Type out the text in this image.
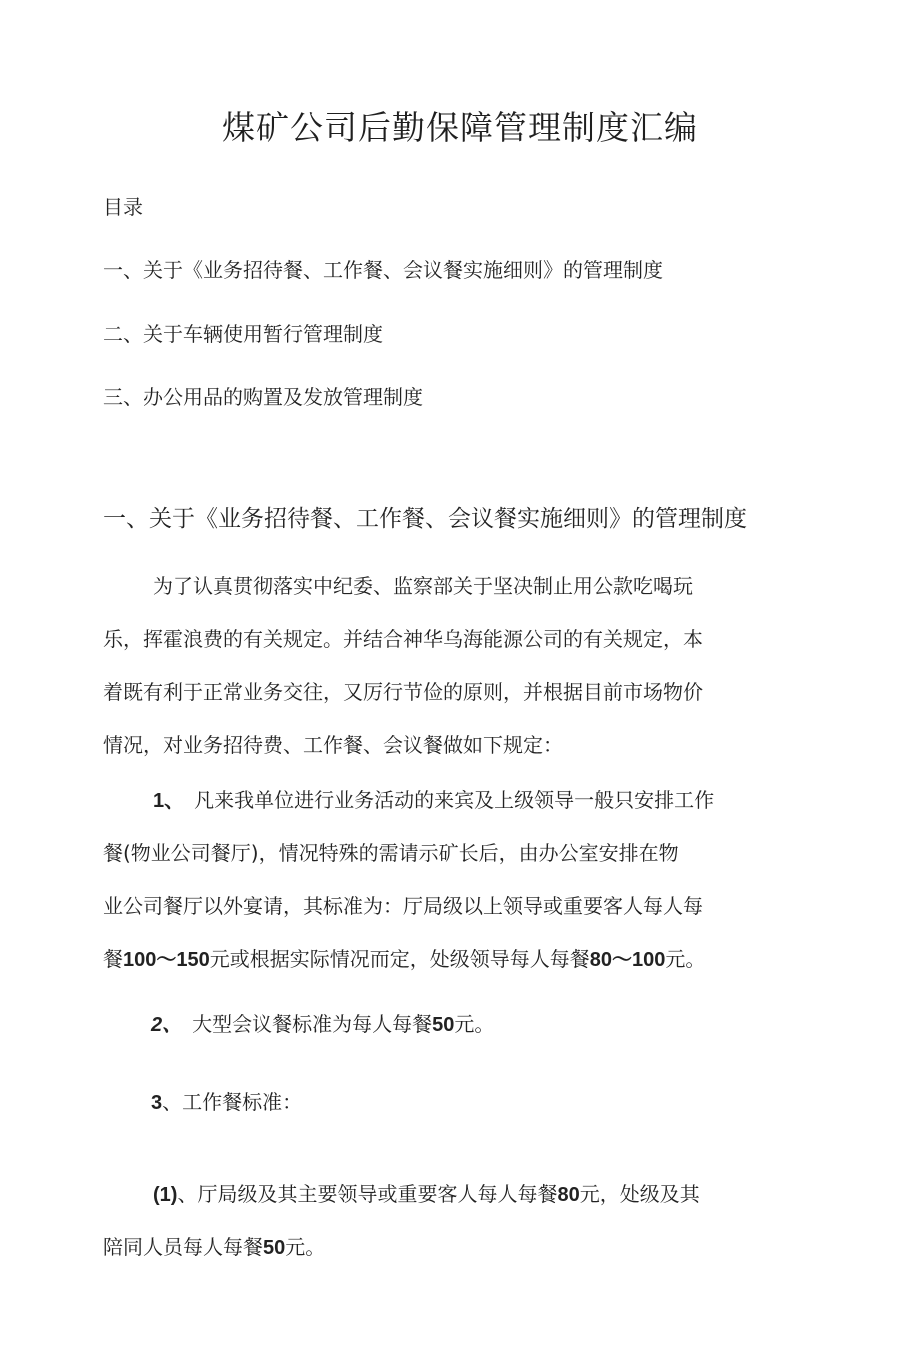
煤矿公司后勤保障管理制度汇编
目录
一、关于《业务招待餐、工作餐、会议餐实施细则》的管理制度
二、关于车辆使用暂行管理制度
三、办公用品的购置及发放管理制度
一、关于《业务招待餐、工作餐、会议餐实施细则》的管理制度
为了认真贯彻落实中纪委、监察部关于坚决制止用公款吃喝玩
乐，挥霍浪费的有关规定。并结合神华乌海能源公司的有关规定，本
着既有利于正常业务交往，又厉行节俭的原则，并根据目前市场物价
情况，对业务招待费、工作餐、会议餐做如下规定：
1、 凡来我单位进行业务活动的来宾及上级领导一般只安排工作
餐(物业公司餐厅)，情况特殊的需请示矿长后，由办公室安排在物
业公司餐厅以外宴请，其标准为：厅局级以上领导或重要客人每人每
餐100～150元或根据实际情况而定，处级领导每人每餐80～100元。
2、 大型会议餐标准为每人每餐50元。
3、工作餐标准：
(1)、厅局级及其主要领导或重要客人每人每餐80元，处级及其
陪同人员每人每餐50元。
